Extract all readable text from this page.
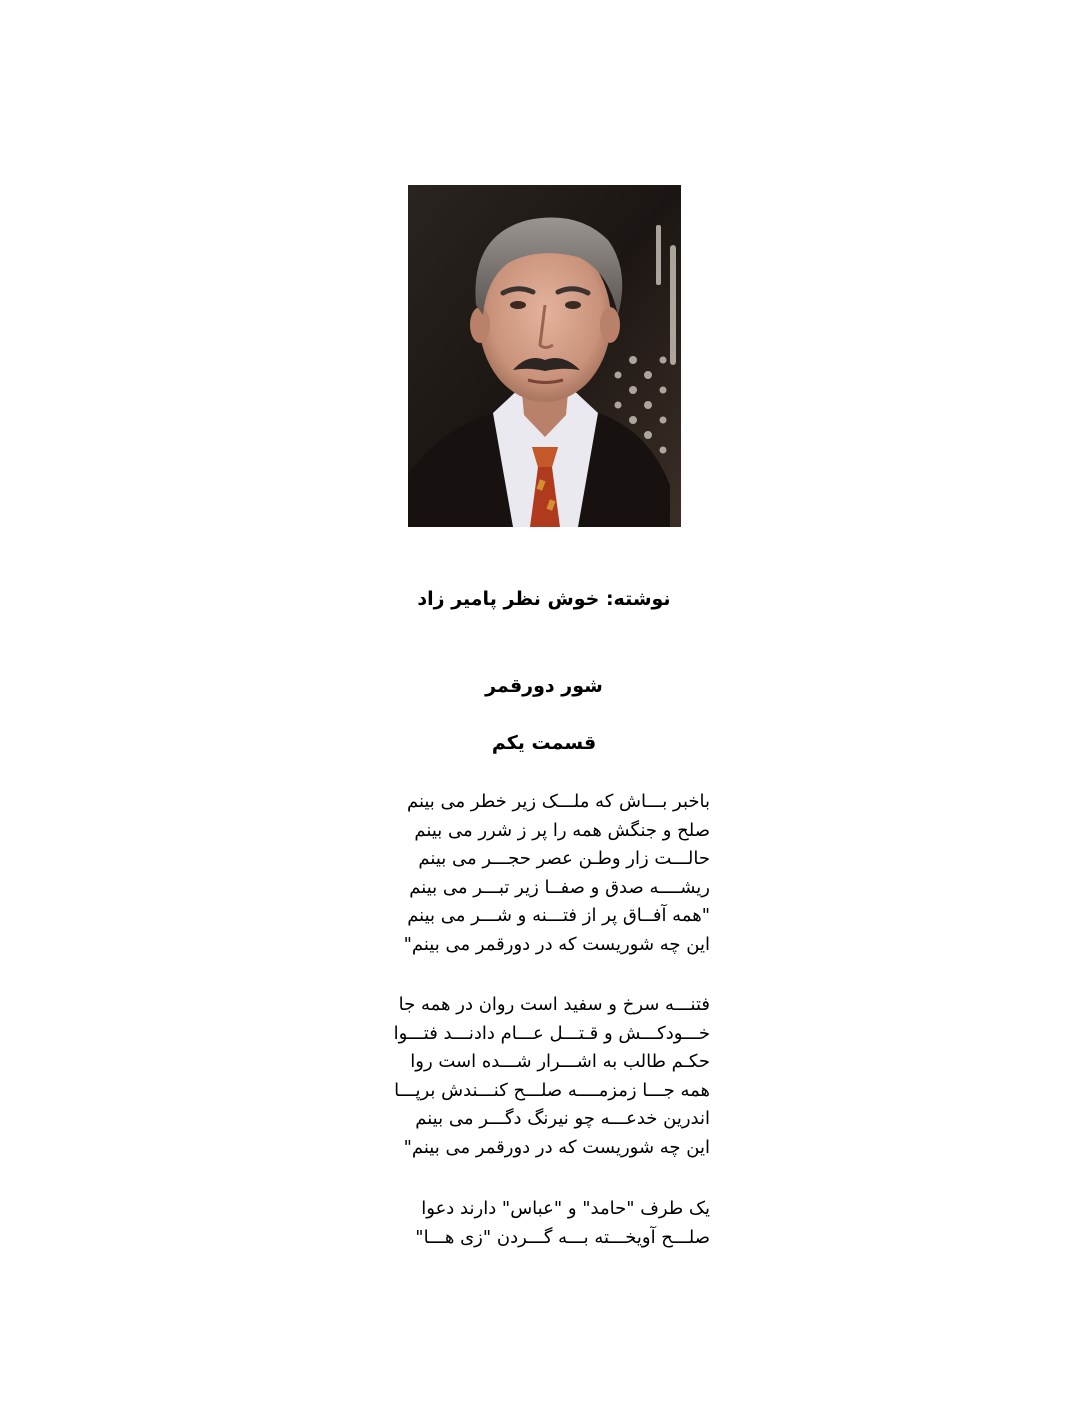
نوشته: خوش نظر پامیر زاد
شور دورقمر
قسمت یکم
باخبر بـــاش که ملـــک زیر خطر می بینم
صلح و جنگش همه را پر ز شرر می بینم
حالـــت زار وطـن عصر حجـــر می بینم
ریشــــه صدق و صفــا زیر تبـــر می بینم
"همه آفــاق پر از فتـــنه و شـــر می بینم
این چه شوریست که در دورقمر می بینم"
فتنـــه سرخ و سفید است روان در همه جا
خـــودکـــش و قـتـــل عـــام دادنـــد فتـــوا
حکـم طالب به اشـــرار شـــده است روا
همه جـــا زمزمــــه صلـــح کنـــندش برپـــا
اندرین خدعـــه چو نیرنگ دگـــر می بینم
این چه شوریست که در دورقمر می بینم"
یک طرف "حامد" و "عباس" دارند دعوا
صلـــح آویخـــته بـــه گـــردن "زی هـــا"
